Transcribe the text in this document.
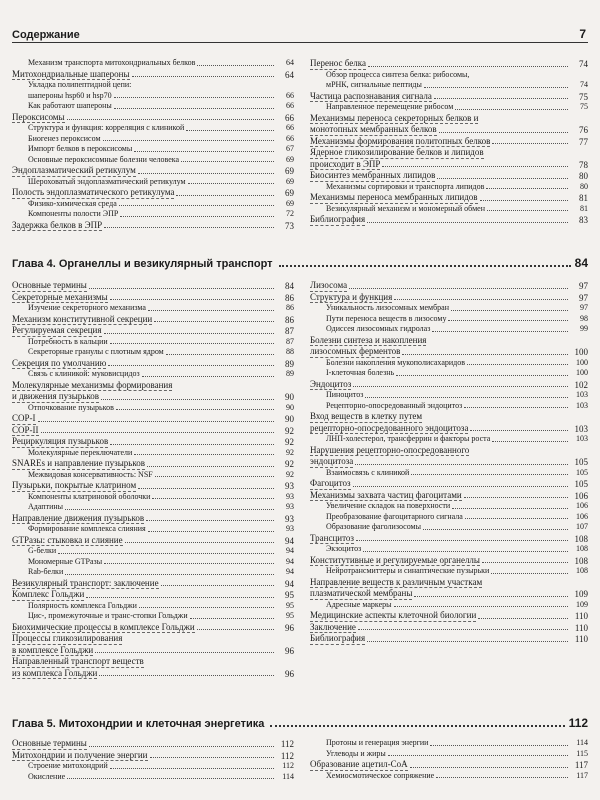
Содержание	7
Механизм транспорта митохондриальных белков	64
Митохондриальные шапероны	64
Укладка полипептидной цепи:
шапероны hsp60 и hsp70	66
Как работают шапероны	66
Пероксисомы	66
Структура и функция: корреляция с клиникой	66
Биогенез пероксисом	66
Импорт белков в пероксисомы	67
Основные пероксисомные болезни человека	69
Эндоплазматический ретикулум	69
Шероховатый эндоплазматический ретикулум	69
Полость эндоплазматического ретикулума	69
Физико-химическая среда	69
Компоненты полости ЭПР	72
Задержка белков в ЭПР	73
Перенос белка	74
Обзор процесса синтеза белка: рибосомы,
мРНК, сигнальные пептиды	74
Частица распознавания сигнала	75
Направленное перемещение рибосом	75
Механизмы переноса секреторных белков и
монотопных мембранных белков	76
Механизмы формирования политопных белков	77
Ядерное гликозилирование белков и липидов
происходит в ЭПР	78
Биосинтез мембранных липидов	80
Механизмы сортировки и транспорта липидов	80
Механизмы переноса мембранных липидов	81
Везикулярный механизм и мономерный обмен	81
Библиография	83
Глава 4. Органеллы и везикулярный транспорт	84
Основные термины	84
Секреторные механизмы	86
Изучение секреторного механизма	86
Механизм конститутивной секреции	86
Регулируемая секреция	87
Потребность в кальции	87
Секреторные гранулы с плотным ядром	88
Секреция по умолчанию	89
Связь с клиникой: муковисцидоз	89
Молекулярные механизмы формирования
и движения пузырьков	90
Отпочкование пузырьков	90
COP-I	90
COP-II	92
Рециркуляция пузырьков	92
Молекулярные переключатели	92
SNAREs и направление пузырьков	92
Межвидовая консервативность: NSF	92
Пузырьки, покрытые клатрином	93
Компоненты клатриновой оболочки	93
Адаптины	93
Направление движения пузырьков	93
Формирование комплекса слияния	93
GTPазы: стыковка и слияние	94
G-белки	94
Мономерные GTPазы	94
Rab-белки	94
Везикулярный транспорт: заключение	94
Комплекс Гольджи	95
Полярность комплекса Гольджи	95
Цис-, промежуточные и транс-стопки Гольджи	95
Биохимические процессы в комплексе Гольджи	96
Процессы гликозилирования
в комплексе Гольджи	96
Направленный транспорт веществ
из комплекса Гольджи	96
Лизосома	97
Структура и функция	97
Уникальность лизосомных мембран	97
Пути переноса веществ в лизосому	98
Одиссея лизосомных гидролаз	99
Болезни синтеза и накопления
лизосомных ферментов	100
Болезни накопления мукополисахаридов	100
I-клеточная болезнь	100
Эндоцитоз	102
Пиноцитоз	103
Рецепторно-опосредованный эндоцитоз	103
Вход веществ в клетку путем
рецепторно-опосредованного эндоцитоза	103
ЛНП-холестерол, трансферрин и факторы роста	103
Нарушения рецепторно-опосредованного
эндоцитоза	105
Взаимосвязь с клиникой	105
Фагоцитоз	105
Механизмы захвата частиц фагоцитами	106
Увеличение складок на поверхности	106
Преобразование фагоцитарного сигнала	106
Образование фаголизосомы	107
Трансцитоз	108
Экзоцитоз	108
Конститутивные и регулируемые органеллы	108
Нейротрансмиттеры и синаптические пузырьки	108
Направление веществ к различным участкам
плазматической мембраны	109
Адресные маркеры	109
Медицинские аспекты клеточной биологии	110
Заключение	110
Библиография	110
Глава 5. Митохондрии и клеточная энергетика	112
Основные термины	112
Митохондрии и получение энергии	112
Строение митохондрий	112
Окисление	114
Протоны и генерация энергии	114
Углеводы и жиры	115
Образование ацетил-CoA	117
Хемиосмотическое сопряжение	117
